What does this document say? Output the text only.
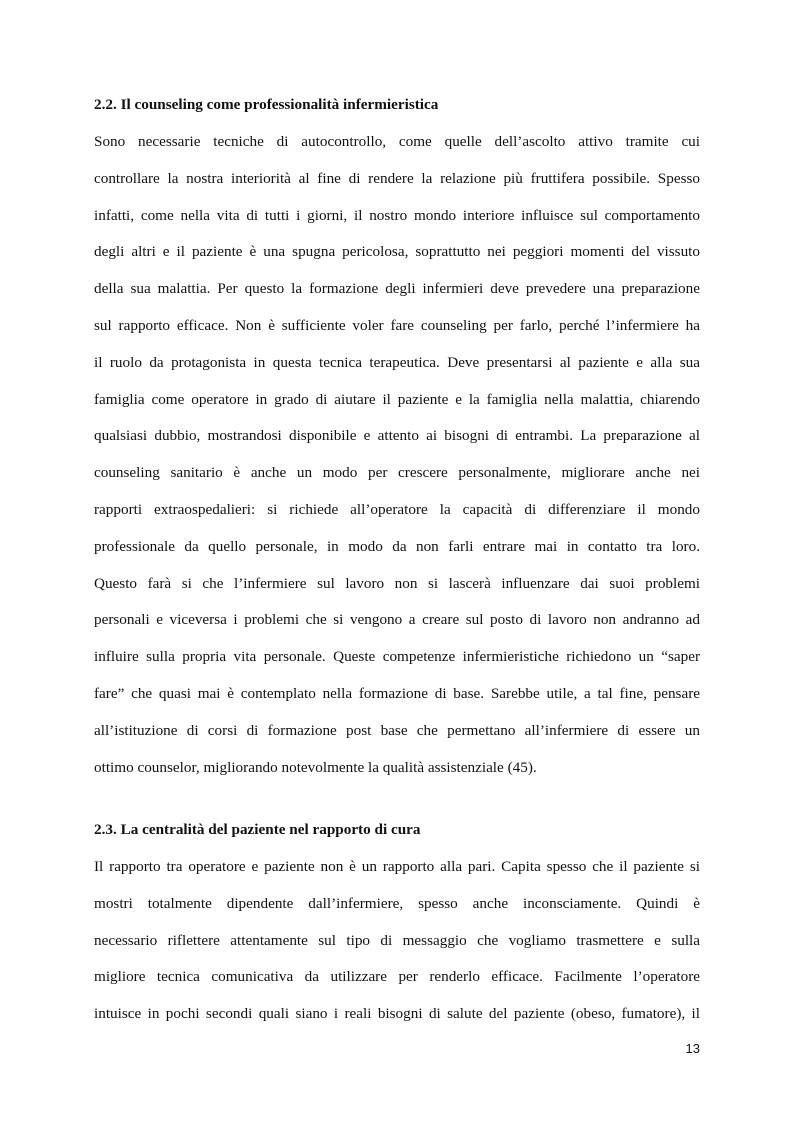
2.2. Il counseling come professionalità infermieristica
Sono necessarie tecniche di autocontrollo, come quelle dell’ascolto attivo tramite cui
controllare la nostra interiorità al fine di rendere la relazione più fruttifera possibile. Spesso
infatti, come nella vita di tutti i giorni, il nostro mondo interiore influisce sul comportamento
degli altri e il paziente è una spugna pericolosa, soprattutto nei peggiori momenti del vissuto
della sua malattia. Per questo la formazione degli infermieri deve prevedere una preparazione
sul rapporto efficace. Non è sufficiente voler fare counseling per farlo, perché l’infermiere ha
il ruolo da protagonista in questa tecnica terapeutica. Deve presentarsi al paziente e alla sua
famiglia come operatore in grado di aiutare il paziente e la famiglia nella malattia, chiarendo
qualsiasi dubbio, mostrandosi disponibile e attento ai bisogni di entrambi. La preparazione al
counseling sanitario è anche un modo per crescere personalmente, migliorare anche nei
rapporti extraospedalieri: si richiede all’operatore la capacità di differenziare il mondo
professionale da quello personale, in modo da non farli entrare mai in contatto tra loro.
Questo farà si che l’infermiere sul lavoro non si lascerà influenzare dai suoi problemi
personali e viceversa i problemi che si vengono a creare sul posto di lavoro non andranno ad
influire sulla propria vita personale. Queste competenze infermieristiche richiedono un “saper
fare” che quasi mai è contemplato nella formazione di base. Sarebbe utile, a tal fine, pensare
all’istituzione di corsi di formazione post base che permettano all’infermiere di essere un
ottimo counselor, migliorando notevolmente la qualità assistenziale (45).
2.3. La centralità del paziente nel rapporto di cura
Il rapporto tra operatore e paziente non è un rapporto alla pari. Capita spesso che il paziente si
mostri totalmente dipendente dall’infermiere, spesso anche inconsciamente. Quindi è
necessario riflettere attentamente sul tipo di messaggio che vogliamo trasmettere e sulla
migliore tecnica comunicativa da utilizzare per renderlo efficace. Facilmente l’operatore
intuisce in pochi secondi quali siano i reali bisogni di salute del paziente (obeso, fumatore), il
13
